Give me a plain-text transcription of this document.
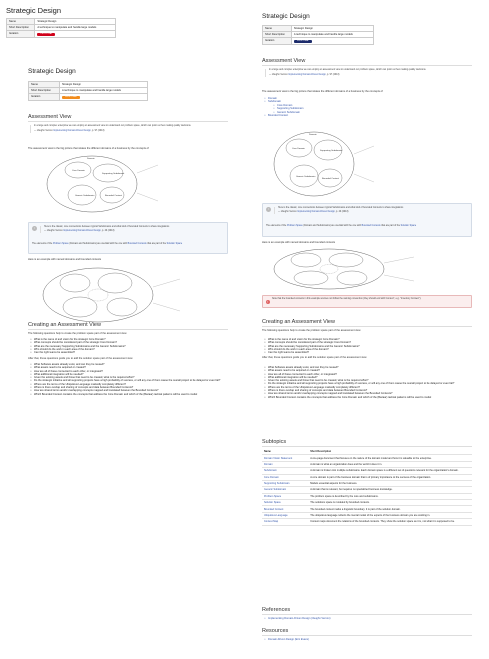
Strategic Design
Name	Strategic Design
Short Description	A technique to manipulate and handle large models
Iteration	PROPOSAL
Strategic Design
Name	Strategic Design
Short Description	A technique to manipulate and handle large models
Iteration	PROPOSAL
Assessment View
In a large and complex enterprise we can employ an assessment view to understand our problem space, which can point us then making quality decisions.
— Vaughn Vernon Implementing Domain-Driven Design, p. 97 (2013)
The assessment view is the big picture that relates the different domains of a business by the concepts of
Core Domain
Supporting Subdomain
Generic Subdomain	Bounded Context
Domain
“	Here is the classic, core connections between typical Subdomains and what kind of bounded Contexts to share integrations
— Vaughn Vernon Implementing Domain-Driven Design, p. 40 (2013)
The elements of the Problem Space (Domain and Subdomains) are overlaid with the one with Bounded Contexts that are part of the Solution Space
Here is an example with named domains and bounded contexts
Creating an Assessment View
The following questions help to create the problem space part of the assessment view
• What is the name of and vision for the strategic Core Domain?
• What concepts should be considered part of the strategic Core Domain?
• What are the necessary Supporting Subdomains and the Generic Subdomains?
• Who should do the work in each area of the domain?
• Can the right teams be assembled?
After that, these questions guide you to add the solution space part of the assessment view
• What Software assets already exist, and can they be reused?
• What assets need to be acquired or created?
• How are all of these connected to each other, or integrated?
• What additional integration will be needed?
• Given the existing assets and those that need to be created, what is the required effort?
• Do the strategic initiative and all supporting projects have a high probability of success, or will any one of them cause the overall project to be delayed or even fail?
• Where are the terms of the Ubiquitous Language markedly completely different?
• Where is there overlap and sharing of concepts and data between Bounded Contexts?
• How are shared terms and/or overlapping concepts mapped and translated between the Bounded Contexts?
• Which Bounded Context contains the concepts that address the Core Domain and which of the (Bazaar) tactical patterns will be used to model
Strategic Design
Name	Strategic Design
Short Description	A technique to manipulate and handle large models
Iteration	PROPOSAL
Assessment View
In a large and complex enterprise we can employ an assessment view to understand our problem space, which can point us then making quality decisions.
— Vaughn Vernon Implementing Domain-Driven Design, p. 97 (2013)
The assessment view is the big picture that relates the different domains of a business by the concepts of
• Domain
• Subdomain
• Core Domain
• Supporting Subdomain
• Generic Subdomain
• Bounded Context
Core Domain
Supporting Subdomain
Generic Subdomain
Bounded Context
Domain
“	Here is the classic, core connections between typical Subdomains and what kind of bounded Contexts to share integrations
— Vaughn Vernon Implementing Domain-Driven Design, p. 40 (2013)
The elements of the Problem Space (Domain and Subdomains) are overlaid with the one with Bounded Contexts that are part of the Solution Space
Here is an example with named domains and bounded contexts
!
Note that the bounded contexts in this example sources not follow the naming convention (they should end with Context", e.g. "Inventory Context").
Creating an Assessment View
The following questions help to create the problem space part of the assessment view
• What is the name of and vision for the strategic Core Domain?
• What concepts should be considered part of the strategic Core Domain?
• What are the necessary Supporting Subdomains and the Generic Subdomains?
• Who should do the work in each area of the domain?
• Can the right teams be assembled?
After that, these questions guide you to add the solution space part of the assessment view
• What Software assets already exist, and can they be reused?
• What assets need to be acquired or created?
• How are all of these connected to each other, or integrated?
• What additional integration will be needed?
• Given the existing assets and those that need to be created, what is the required effort?
• Do the strategic initiative and all supporting projects have a high probability of success, or will any one of them cause the overall project to be delayed or even fail?
• Where are the terms of the Ubiquitous Language markedly completely different?
• Where is there overlap and sharing of concepts and data between Bounded Contexts?
• How are shared terms and/or overlapping concepts mapped and translated between the Bounded Contexts?
• Which Bounded Context contains the concepts that address the Core Domain and which of the (Bazaar) tactical patterns will be used to model
Subtopics
Name	Short Description
Domain Vision Statement	A one-page document that focuses on the nature of the domain model and how it is valuable to the enterprise.
Domain	A domain is what an organization does and the world it does it in.
Subdomain	A domain is broken into multiple subdomains. Each domain space is a different set of questions relevant for the organization's domain.
Core Domain	A core domain is part of the business domain that is of primary importance to the success of the organization.
Supporting Subdomain	Models essential aspects for the business.
Generic Subdomain	A domain that is relevant, but requires no specialized business knowledge.
Problem Space	The problem space is described by the core and subdomains.
Solution Space	The solutions space is modeled by bounded contexts.
Bounded Context	The bounded context marks a linguistic boundary. It is part of the solution domain.
Ubiquitous Language	The ubiquitous language reflects the mental model of the experts of the business domain you are working in.
Context Map	Context maps document the relations of the bounded contexts. They show the solution space as it is, not what it is supposed to be.
References
• Implementing Domain-Driven Design (Vaughn Vernon)
Resources
• Domain-Driven Design (Eric Evans)
